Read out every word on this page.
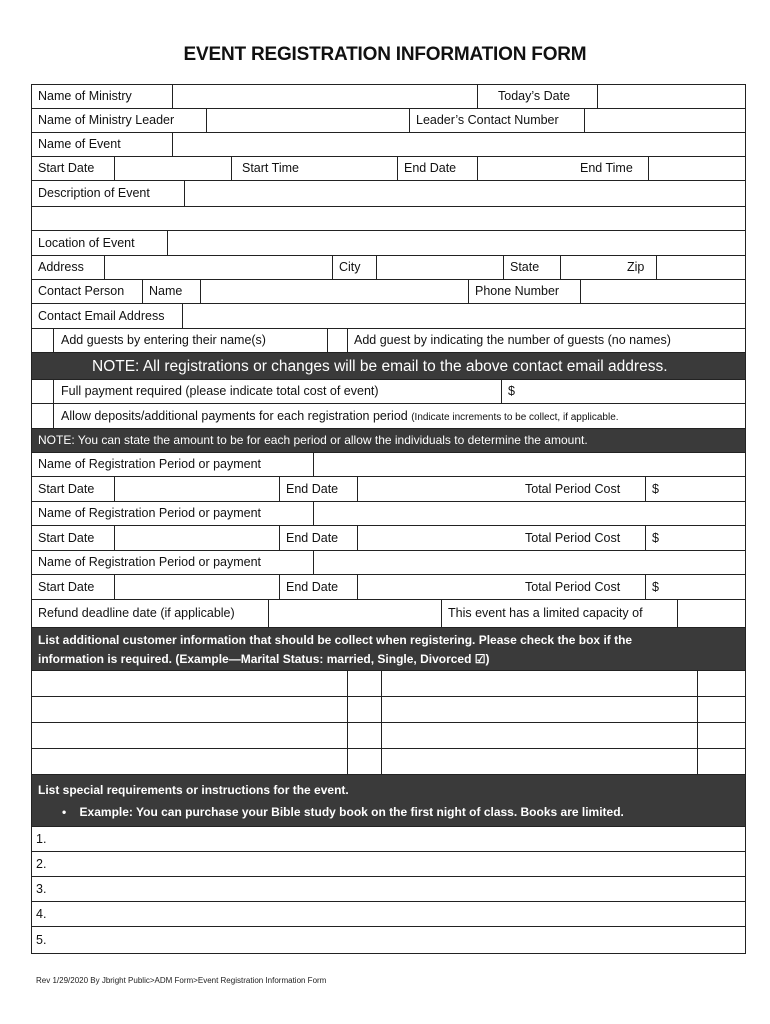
EVENT REGISTRATION INFORMATION FORM
Name of Ministry	Today’s Date
Name of Ministry Leader	Leader’s Contact Number
Name of Event
Start Date	Start Time	End Date	End Time
Description of Event
Location of Event
Address	City	State	Zip
Contact Person	Name	Phone Number
Contact Email Address
Add guests by entering their name(s)	Add guest by indicating the number of guests (no names)
NOTE: All registrations or changes will be email to the above contact email address.
Full payment required (please indicate total cost of event)	$
Allow deposits/additional payments for each registration period (Indicate increments to be collect, if applicable.
NOTE: You can state the amount to be for each period or allow the individuals to determine the amount.
Name of Registration Period or payment
Start Date	End Date	Total Period Cost	$
Name of Registration Period or payment
Start Date	End Date	Total Period Cost	$
Name of Registration Period or payment
Start Date	End Date	Total Period Cost	$
Refund deadline date (if applicable)	This event has a limited capacity of
List additional customer information that should be collect when registering. Please check the box if the
information is required. (Example—Marital Status: married, Single, Divorced ☑)
List special requirements or instructions for the event.
• Example: You can purchase your Bible study book on the first night of class. Books are limited.
1.
2.
3.
4.
5.
Rev 1/29/2020 By Jbright Public>ADM Form>Event Registration Information Form
